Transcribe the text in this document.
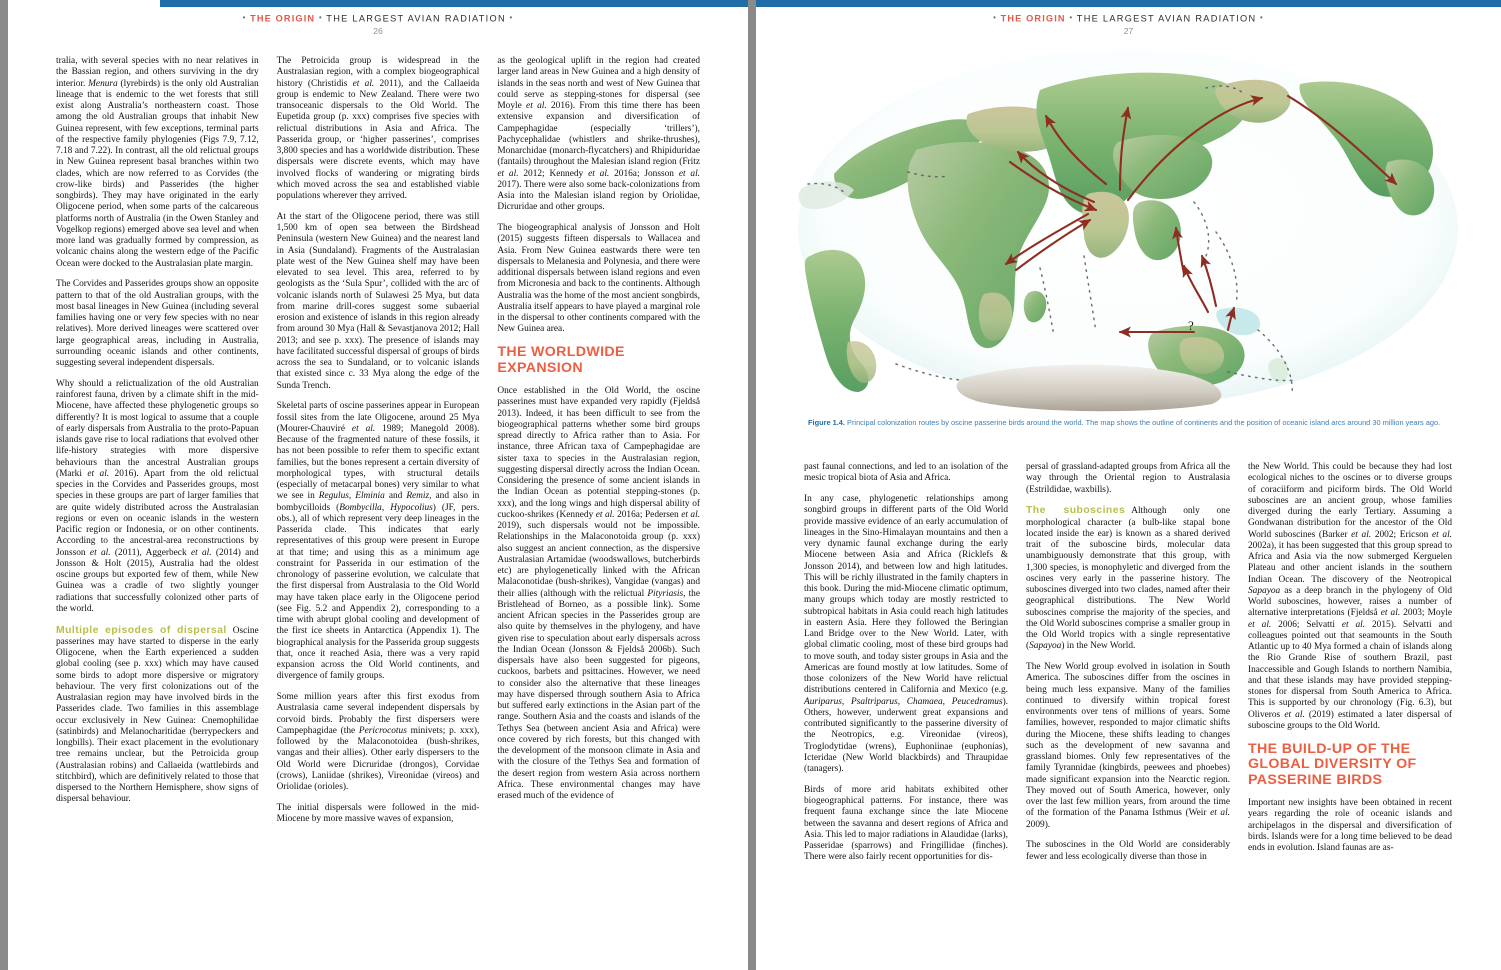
• THE ORIGIN • THE LARGEST AVIAN RADIATION •
26

tralia, with several species with no near relatives in the Bassian region, and others surviving in the dry interior. Menura (lyrebirds) is the only old Australian lineage that is endemic to the wet forests that still exist along Australia’s northeastern coast. Those among the old Australian groups that inhabit New Guinea represent, with few exceptions, terminal parts of the respective family phylogenies (Figs 7.9, 7.12, 7.18 and 7.22). In contrast, all the old relictual groups in New Guinea represent basal branches within two clades, which are now referred to as Corvides (the crow-like birds) and Passerides (the higher songbirds). They may have originated in the early Oligocene period, when some parts of the calcareous platforms north of Australia (in the Owen Stanley and Vogelkop regions) emerged above sea level and when more land was gradually formed by compression, as volcanic chains along the western edge of the Pacific Ocean were docked to the Australasian plate margin.

The Corvides and Passerides groups show an opposite pattern to that of the old Australian groups, with the most basal lineages in New Guinea (including several families having one or very few species with no near relatives). More derived lineages were scattered over large geographical areas, including in Australia, surrounding oceanic islands and other continents, suggesting several independent dispersals.

Why should a relictualization of the old Australian rainforest fauna, driven by a climate shift in the mid-Miocene, have affected these phylogenetic groups so differently? It is most logical to assume that a couple of early dispersals from Australia to the proto-Papuan islands gave rise to local radiations that evolved other life-history strategies with more dispersive behaviours than the ancestral Australian groups (Marki et al. 2016). Apart from the old relictual species in the Corvides and Passerides groups, most species in these groups are part of larger families that are quite widely distributed across the Australasian regions or even on oceanic islands in the western Pacific region or Indonesia, or on other continents. According to the ancestral-area reconstructions by Jonsson et al. (2011), Aggerbeck et al. (2014) and Jonsson & Holt (2015), Australia had the oldest oscine groups but exported few of them, while New Guinea was a cradle of two slightly younger radiations that successfully colonized other parts of the world.

Multiple episodes of dispersal Oscine passerines may have started to disperse in the early Oligocene, when the Earth experienced a sudden global cooling (see p. xxx) which may have caused some birds to adopt more dispersive or migratory behaviour. The very first colonizations out of the Australasian region may have involved birds in the Passerides clade. Two families in this assemblage occur exclusively in New Guinea: Cnemophilidae (satinbirds) and Melanocharitidae (berrypeckers and longbills). Their exact placement in the evolutionary tree remains unclear, but the Petroicida group (Australasian robins) and Callaeida (wattlebirds and stitchbird), which are definitively related to those that dispersed to the Northern Hemisphere, show signs of dispersal behaviour.

The Petroicida group is widespread in the Australasian region, with a complex biogeographical history (Christidis et al. 2011), and the Callaeida group is endemic to New Zealand. There were two transoceanic dispersals to the Old World. The Eupetida group (p. xxx) comprises five species with relictual distributions in Asia and Africa. The Passerida group, or ‘higher passerines’, comprises 3,800 species and has a worldwide distribution. These dispersals were discrete events, which may have involved flocks of wandering or migrating birds which moved across the sea and established viable populations wherever they arrived.

At the start of the Oligocene period, there was still 1,500 km of open sea between the Birdshead Peninsula (western New Guinea) and the nearest land in Asia (Sundaland). Fragments of the Australasian plate west of the New Guinea shelf may have been elevated to sea level. This area, referred to by geologists as the ‘Sula Spur’, collided with the arc of volcanic islands north of Sulawesi 25 Mya, but data from marine drill-cores suggest some subaerial erosion and existence of islands in this region already from around 30 Mya (Hall & Sevastjanova 2012; Hall 2013; and see p. xxx). The presence of islands may have facilitated successful dispersal of groups of birds across the sea to Sundaland, or to volcanic islands that existed since c. 33 Mya along the edge of the Sunda Trench.

Skeletal parts of oscine passerines appear in European fossil sites from the late Oligocene, around 25 Mya (Mourer-Chauviré et al. 1989; Manegold 2008). Because of the fragmented nature of these fossils, it has not been possible to refer them to specific extant families, but the bones represent a certain diversity of morphological types, with structural details (especially of metacarpal bones) very similar to what we see in Regulus, Elminia and Remiz, and also in bombycilloids (Bombycilla, Hypocolius) (JF, pers. obs.), all of which represent very deep lineages in the Passerida clade. This indicates that early representatives of this group were present in Europe at that time; and using this as a minimum age constraint for Passerida in our estimation of the chronology of passerine evolution, we calculate that the first dispersal from Australasia to the Old World may have taken place early in the Oligocene period (see Fig. 5.2 and Appendix 2), corresponding to a time with abrupt global cooling and development of the first ice sheets in Antarctica (Appendix 1). The biographical analysis for the Passerida group suggests that, once it reached Asia, there was a very rapid expansion across the Old World continents, and divergence of family groups.

Some million years after this first exodus from Australasia came several independent dispersals by corvoid birds. Probably the first dispersers were Campephagidae (the Pericrocotus minivets; p. xxx), followed by the Malaconotoidea (bush-shrikes, vangas and their allies). Other early dispersers to the Old World were Dicruridae (drongos), Corvidae (crows), Laniidae (shrikes), Vireonidae (vireos) and Oriolidae (orioles).

The initial dispersals were followed in the mid-Miocene by more massive waves of expansion,

as the geological uplift in the region had created larger land areas in New Guinea and a high density of islands in the seas north and west of New Guinea that could serve as stepping-stones for dispersal (see Moyle et al. 2016). From this time there has been extensive expansion and diversification of Campephagidae (especially ‘trillers’), Pachycephalidae (whistlers and shrike-thrushes), Monarchidae (monarch-flycatchers) and Rhipiduridae (fantails) throughout the Malesian island region (Fritz et al. 2012; Kennedy et al. 2016a; Jonsson et al. 2017). There were also some back-colonizations from Asia into the Malesian island region by Oriolidae, Dicruridae and other groups.

The biogeographical analysis of Jonsson and Holt (2015) suggests fifteen dispersals to Wallacea and Asia. From New Guinea eastwards there were ten dispersals to Melanesia and Polynesia, and there were additional dispersals between island regions and even from Micronesia and back to the continents. Although Australia was the home of the most ancient songbirds, Australia itself appears to have played a marginal role in the dispersal to other continents compared with the New Guinea area.

THE WORLDWIDE EXPANSION

Once established in the Old World, the oscine passerines must have expanded very rapidly (Fjeldså 2013). Indeed, it has been difficult to see from the biogeographical patterns whether some bird groups spread directly to Africa rather than to Asia. For instance, three African taxa of Campephagidae are sister taxa to species in the Australasian region, suggesting dispersal directly across the Indian Ocean. Considering the presence of some ancient islands in the Indian Ocean as potential stepping-stones (p. xxx), and the long wings and high dispersal ability of cuckoo-shrikes (Kennedy et al. 2016a; Pedersen et al. 2019), such dispersals would not be impossible. Relationships in the Malaconotoida group (p. xxx) also suggest an ancient connection, as the dispersive Australasian Artamidae (woodswallows, butcherbirds etc) are phylogenetically linked with the African Malaconotidae (bush-shrikes), Vangidae (vangas) and their allies (although with the relictual Pityriasis, the Bristlehead of Borneo, as a possible link). Some ancient African species in the Passerides group are also quite by themselves in the phylogeny, and have given rise to speculation about early dispersals across the Indian Ocean (Jonsson & Fjeldså 2006b). Such dispersals have also been suggested for pigeons, cuckoos, barbets and psittacines. However, we need to consider also the alternative that these lineages may have dispersed through southern Asia to Africa but suffered early extinctions in the Asian part of the range. Southern Asia and the coasts and islands of the Tethys Sea (between ancient Asia and Africa) were once covered by rich forests, but this changed with the development of the monsoon climate in Asia and with the closure of the Tethys Sea and formation of the desert region from western Asia across northern Africa. These environmental changes may have erased much of the evidence of

• THE ORIGIN • THE LARGEST AVIAN RADIATION •
27
?
Figure 1.4. Principal colonization routes by oscine passerine birds around the world. The map shows the outline of continents and the position of oceanic island arcs around 30 million years ago.

past faunal connections, and led to an isolation of the mesic tropical biota of Asia and Africa.

In any case, phylogenetic relationships among songbird groups in different parts of the Old World provide massive evidence of an early accumulation of lineages in the Sino-Himalayan mountains and then a very dynamic faunal exchange during the early Miocene between Asia and Africa (Ricklefs & Jonsson 2014), and between low and high latitudes. This will be richly illustrated in the family chapters in this book. During the mid-Miocene climatic optimum, many groups which today are mostly restricted to subtropical habitats in Asia could reach high latitudes in eastern Asia. Here they followed the Beringian Land Bridge over to the New World. Later, with global climatic cooling, most of these bird groups had to move south, and today sister groups in Asia and the Americas are found mostly at low latitudes. Some of those colonizers of the New World have relictual distributions centered in California and Mexico (e.g. Auriparus, Psaltriparus, Chamaea, Peucedramus). Others, however, underwent great expansions and contributed significantly to the passerine diversity of the Neotropics, e.g. Vireonidae (vireos), Troglodytidae (wrens), Euphoniinae (euphonias), Icteridae (New World blackbirds) and Thraupidae (tanagers).

Birds of more arid habitats exhibited other biogeographical patterns. For instance, there was frequent fauna exchange since the late Miocene between the savanna and desert regions of Africa and Asia. This led to major radiations in Alaudidae (larks), Passeridae (sparrows) and Fringillidae (finches). There were also fairly recent opportunities for dis-

persal of grassland-adapted groups from Africa all the way through the Oriental region to Australasia (Estrildidae, waxbills).

The suboscines Although only one morphological character (a bulb-like stapal bone located inside the ear) is known as a shared derived trait of the suboscine birds, molecular data unambiguously demonstrate that this group, with 1,300 species, is monophyletic and diverged from the oscines very early in the passerine history. The suboscines diverged into two clades, named after their geographical distributions. The New World suboscines comprise the majority of the species, and the Old World suboscines comprise a smaller group in the Old World tropics with a single representative (Sapayoa) in the New World.

The New World group evolved in isolation in South America. The suboscines differ from the oscines in being much less expansive. Many of the families continued to diversify within tropical forest environments over tens of millions of years. Some families, however, responded to major climatic shifts during the Miocene, these shifts leading to changes such as the development of new savanna and grassland biomes. Only few representatives of the family Tyrannidae (kingbirds, peewees and phoebes) made significant expansion into the Nearctic region. They moved out of South America, however, only over the last few million years, from around the time of the formation of the Panama Isthmus (Weir et al. 2009).

The suboscines in the Old World are considerably fewer and less ecologically diverse than those in

the New World. This could be because they had lost ecological niches to the oscines or to diverse groups of coraciiform and piciform birds. The Old World suboscines are an ancient group, whose families diverged during the early Tertiary. Assuming a Gondwanan distribution for the ancestor of the Old World suboscines (Barker et al. 2002; Ericson et al. 2002a), it has been suggested that this group spread to Africa and Asia via the now submerged Kerguelen Plateau and other ancient islands in the southern Indian Ocean. The discovery of the Neotropical Sapayoa as a deep branch in the phylogeny of Old World suboscines, however, raises a number of alternative interpretations (Fjeldså et al. 2003; Moyle et al. 2006; Selvatti et al. 2015). Selvatti and colleagues pointed out that seamounts in the South Atlantic up to 40 Mya formed a chain of islands along the Rio Grande Rise of southern Brazil, past Inaccessible and Gough Islands to northern Namibia, and that these islands may have provided stepping-stones for dispersal from South America to Africa. This is supported by our chronology (Fig. 6.3), but Oliveros et al. (2019) estimated a later dispersal of suboscine groups to the Old World.

THE BUILD-UP OF THE GLOBAL DIVERSITY OF PASSERINE BIRDS

Important new insights have been obtained in recent years regarding the role of oceanic islands and archipelagos in the dispersal and diversification of birds. Islands were for a long time believed to be dead ends in evolution. Island faunas are as-
